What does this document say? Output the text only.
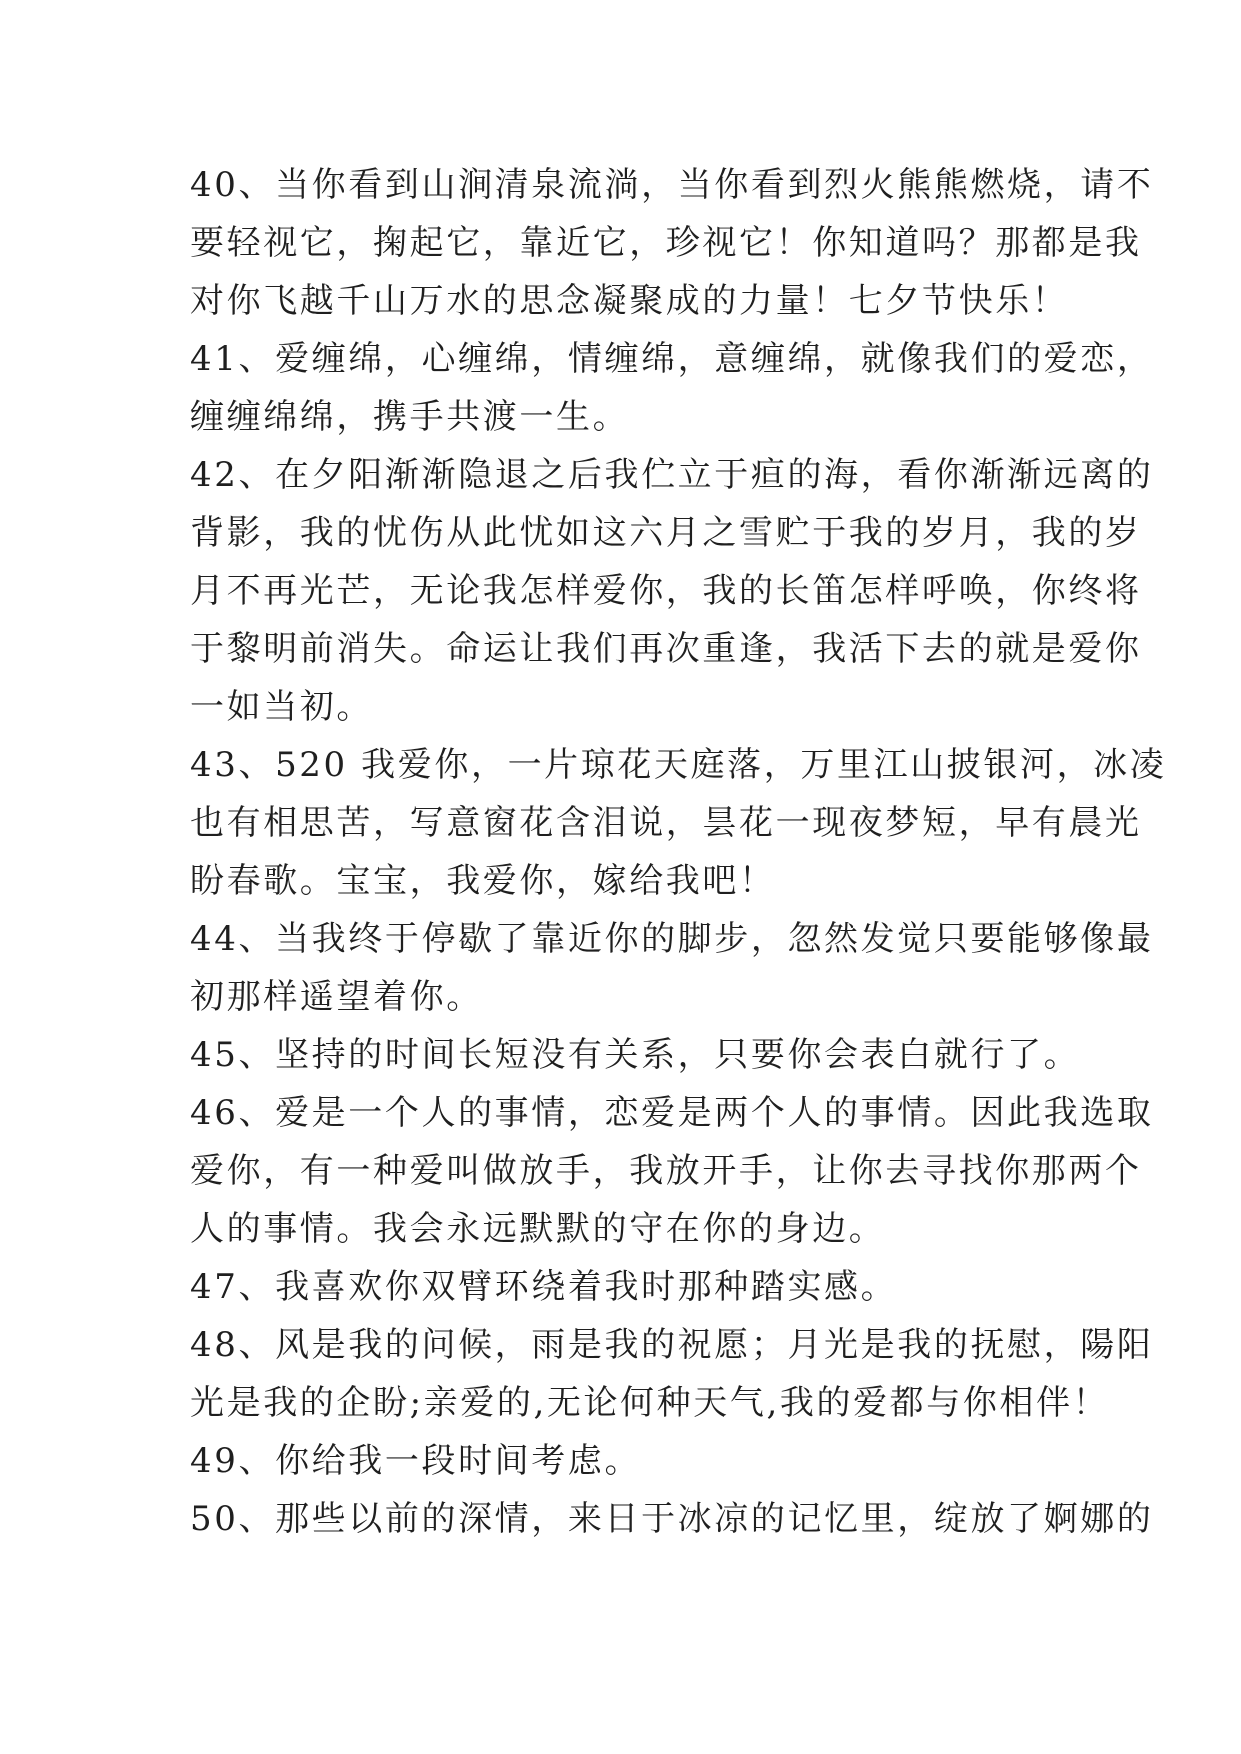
40、当你看到山涧清泉流淌，当你看到烈火熊熊燃烧，请不
要轻视它，掬起它，靠近它，珍视它！你知道吗？那都是我
对你飞越千山万水的思念凝聚成的力量！七夕节快乐！
41、爱缠绵，心缠绵，情缠绵，意缠绵，就像我们的爱恋，
缠缠绵绵，携手共渡一生。
42、在夕阳渐渐隐退之后我伫立于疸的海，看你渐渐远离的
背影，我的忧伤从此忧如这六月之雪贮于我的岁月，我的岁
月不再光芒，无论我怎样爱你，我的长笛怎样呼唤，你终将
于黎明前消失。命运让我们再次重逢，我活下去的就是爱你
一如当初。
43、520 我爱你，一片琼花天庭落，万里江山披银河，冰凌
也有相思苦，写意窗花含泪说，昙花一现夜梦短，早有晨光
盼春歌。宝宝，我爱你，嫁给我吧！
44、当我终于停歇了靠近你的脚步，忽然发觉只要能够像最
初那样遥望着你。
45、坚持的时间长短没有关系，只要你会表白就行了。
46、爱是一个人的事情，恋爱是两个人的事情。因此我选取
爱你，有一种爱叫做放手，我放开手，让你去寻找你那两个
人的事情。我会永远默默的守在你的身边。
47、我喜欢你双臂环绕着我时那种踏实感。
48、风是我的问候，雨是我的祝愿；月光是我的抚慰，陽阳
光是我的企盼;亲爱的,无论何种天气,我的爱都与你相伴！
49、你给我一段时间考虑。
50、那些以前的深情，来日于冰凉的记忆里，绽放了婀娜的
